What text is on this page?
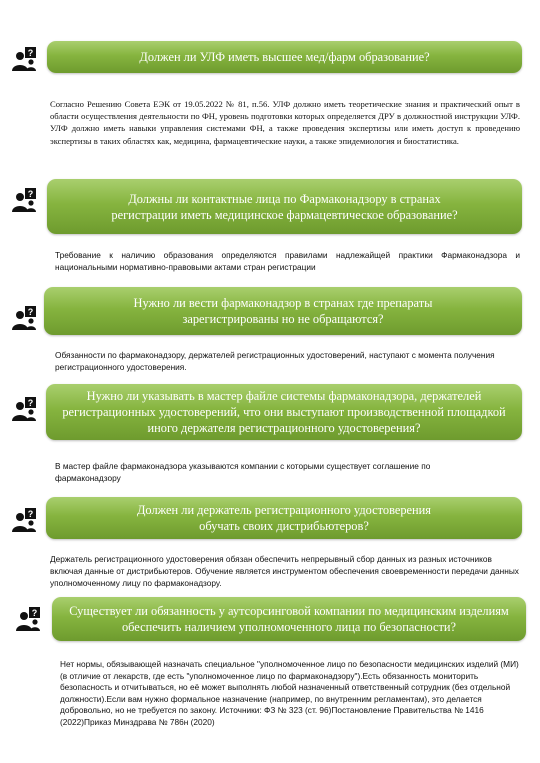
?	Должен ли УЛФ иметь высшее мед/фарм образование?
Согласно Решению Совета ЕЭК от 19.05.2022 № 81, п.56. УЛФ должно иметь теоретические знания и практический опыт в области осуществления деятельности по ФН, уровень подготовки которых определяется ДРУ в должностной инструкции УЛФ. УЛФ должно иметь навыки управления системами ФН, а также проведения экспертизы или иметь доступ к проведению экспертизы в таких областях как, медицина, фармацевтические науки, а также эпидемиология и биостатистика.
?	Должны ли контактные лица по Фармаконадзору в странах регистрации иметь медицинское фармацевтическое образование?
Требование к наличию образования определяются правилами надлежайщей практики Фармаконадзора и национальными нормативно-правовыми актами стран регистрации
?
Нужно ли вести фармаконадзор в странах где препараты зарегистрированы но не обращаются?
Обязанности по фармаконадзору, держателей регистрационных удостоверений, наступают с момента получения регистрационного удостоверения.
?	Нужно ли указывать в мастер файле системы фармаконадзора, держателей регистрационных удостоверений, что они выступают производственной площадкой иного держателя регистрационного удостоверения?
В мастер файле фармаконадзора указываются компании с которыми существует соглашение по фармаконадзору
?	Должен ли держатель регистрационного удостоверения обучать своих дистрибьютеров?
Держатель регистрационного удостоверения обязан обеспечить непрерывный сбор данных из разных источников включая данные от дистрибьютеров. Обучение является инструментом обеспечения своевременности передачи данных уполномоченному лицу по фармаконадзору.
?	Существует ли обязанность у аутсорсинговой компании по медицинским изделиям обеспечить наличием уполномоченного лица по безопасности?
Нет нормы, обязывающей назначать специальное "уполномоченное лицо по безопасности медицинских изделий (МИ) (в отличие от лекарств, где есть "уполномоченное лицо по фармаконадзору").Есть обязанность мониторить безопасность и отчитываться, но её может выполнять любой назначенный ответственный сотрудник (без отдельной должности).Если вам нужно формальное назначение (например, по внутренним регламентам), это делается добровольно, но не требуется по закону. Источники: ФЗ № 323 (ст. 96)Постановление Правительства № 1416 (2022)Приказ Минздрава № 786н (2020)
